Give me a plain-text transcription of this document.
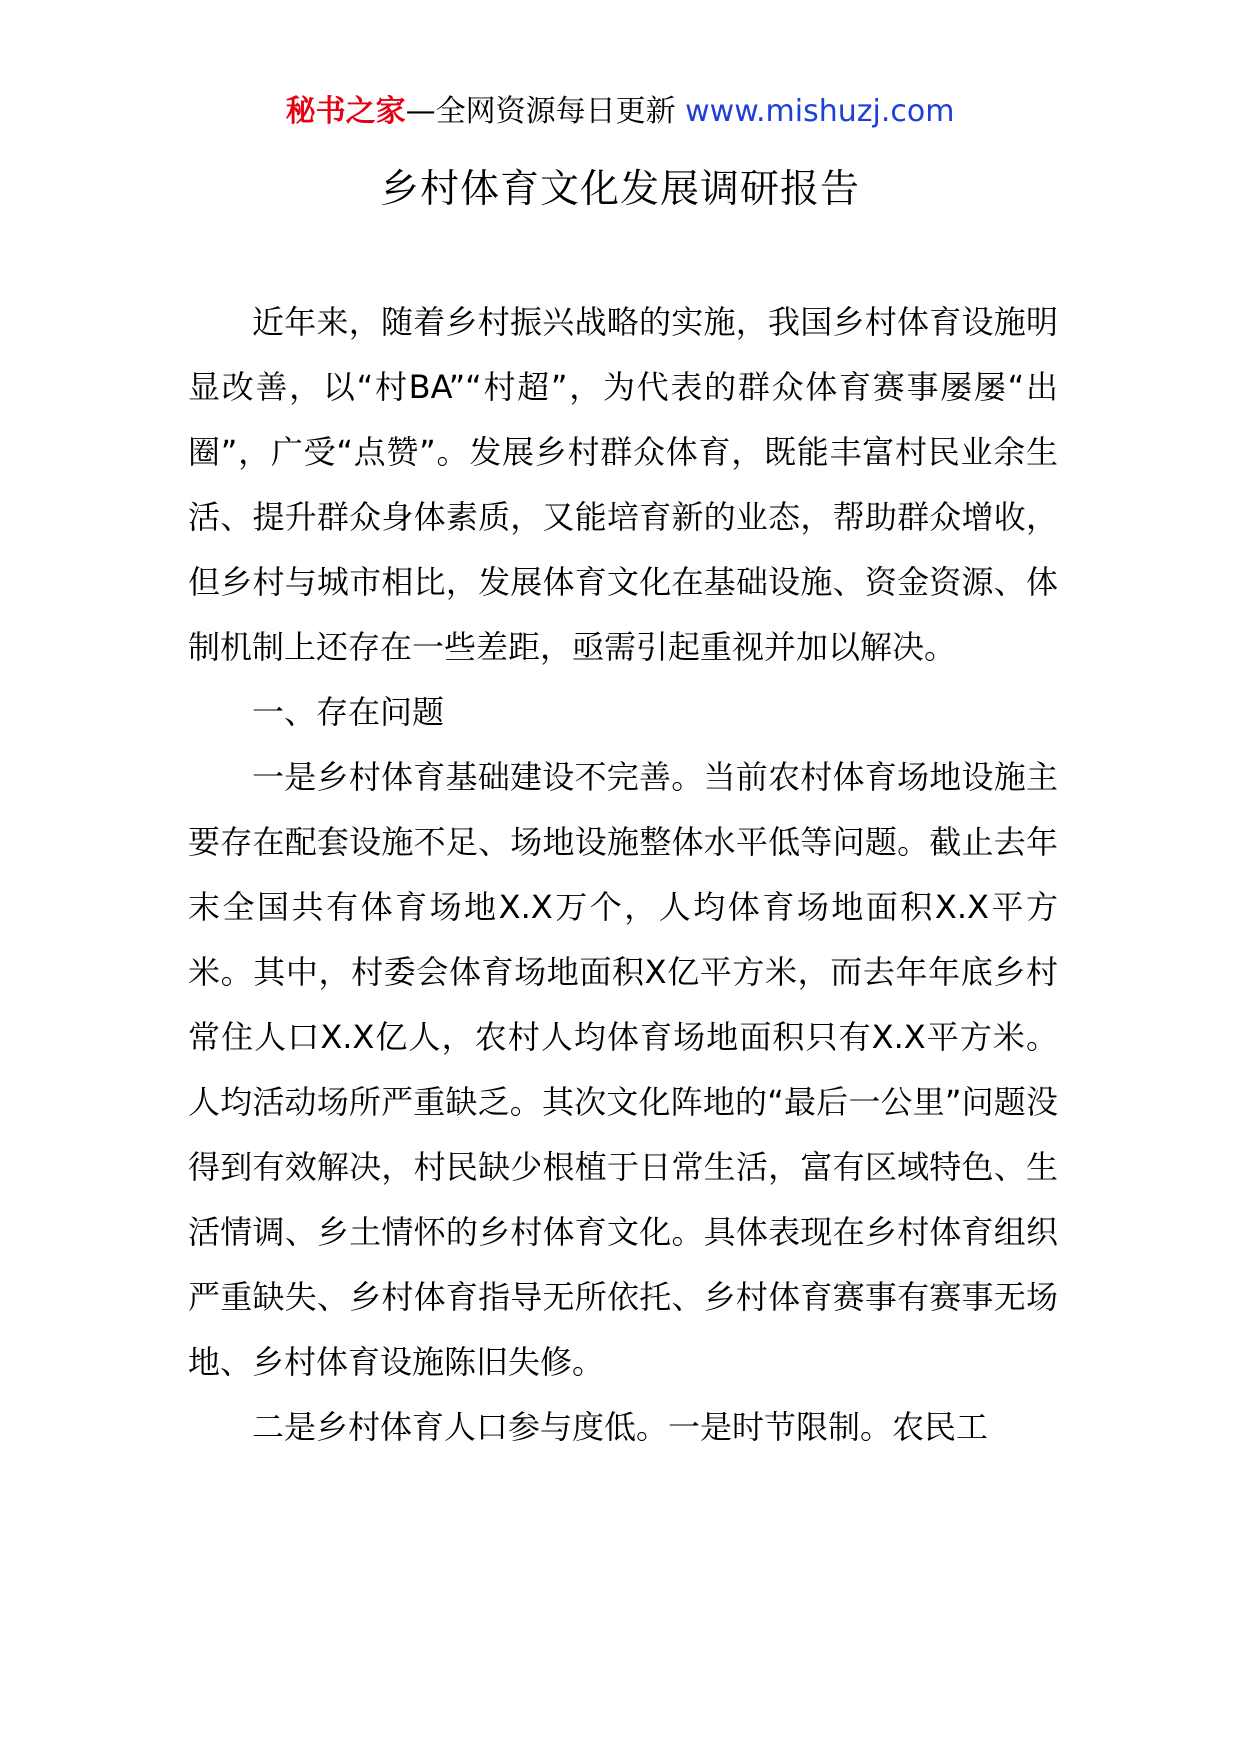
秘书之家—全网资源每日更新 www.mishuzj.com
乡村体育文化发展调研报告

近年来，随着乡村振兴战略的实施，我国乡村体育设施明显改善，以“村BA”“村超”，为代表的群众体育赛事屡屡“出圈”，广受“点赞”。发展乡村群众体育，既能丰富村民业余生活、提升群众身体素质，又能培育新的业态，帮助群众增收，但乡村与城市相比，发展体育文化在基础设施、资金资源、体制机制上还存在一些差距，亟需引起重视并加以解决。

一、存在问题

一是乡村体育基础建设不完善。当前农村体育场地设施主要存在配套设施不足、场地设施整体水平低等问题。截止去年末全国共有体育场地X.X万个，人均体育场地面积X.X平方米。其中，村委会体育场地面积X亿平方米，而去年年底乡村常住人口X.X亿人，农村人均体育场地面积只有X.X平方米。人均活动场所严重缺乏。其次文化阵地的“最后一公里”问题没得到有效解决，村民缺少根植于日常生活，富有区域特色、生活情调、乡土情怀的乡村体育文化。具体表现在乡村体育组织严重缺失、乡村体育指导无所依托、乡村体育赛事有赛事无场地、乡村体育设施陈旧失修。

二是乡村体育人口参与度低。一是时节限制。农民工
